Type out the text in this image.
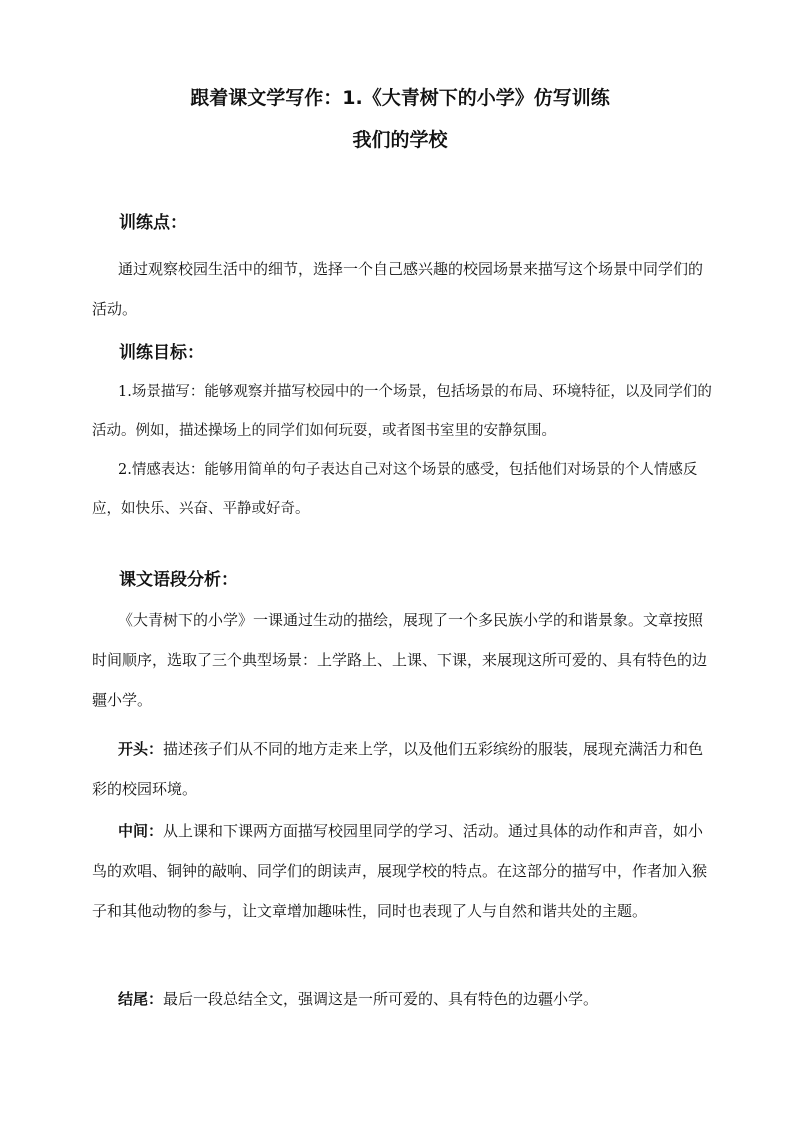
跟着课文学写作：1.《大青树下的小学》仿写训练
我们的学校
训练点：

通过观察校园生活中的细节，选择一个自己感兴趣的校园场景来描写这个场景中同学们的活动。

训练目标：

1.场景描写：能够观察并描写校园中的一个场景，包括场景的布局、环境特征，以及同学们的活动。例如，描述操场上的同学们如何玩耍，或者图书室里的安静氛围。

2.情感表达：能够用简单的句子表达自己对这个场景的感受，包括他们对场景的个人情感反应，如快乐、兴奋、平静或好奇。

课文语段分析：

《大青树下的小学》一课通过生动的描绘，展现了一个多民族小学的和谐景象。文章按照时间顺序，选取了三个典型场景：上学路上、上课、下课，来展现这所可爱的、具有特色的边疆小学。

开头：描述孩子们从不同的地方走来上学，以及他们五彩缤纷的服装，展现充满活力和色彩的校园环境。

中间：从上课和下课两方面描写校园里同学的学习、活动。通过具体的动作和声音，如小鸟的欢唱、铜钟的敲响、同学们的朗读声，展现学校的特点。在这部分的描写中，作者加入猴子和其他动物的参与，让文章增加趣味性，同时也表现了人与自然和谐共处的主题。

结尾：最后一段总结全文，强调这是一所可爱的、具有特色的边疆小学。
